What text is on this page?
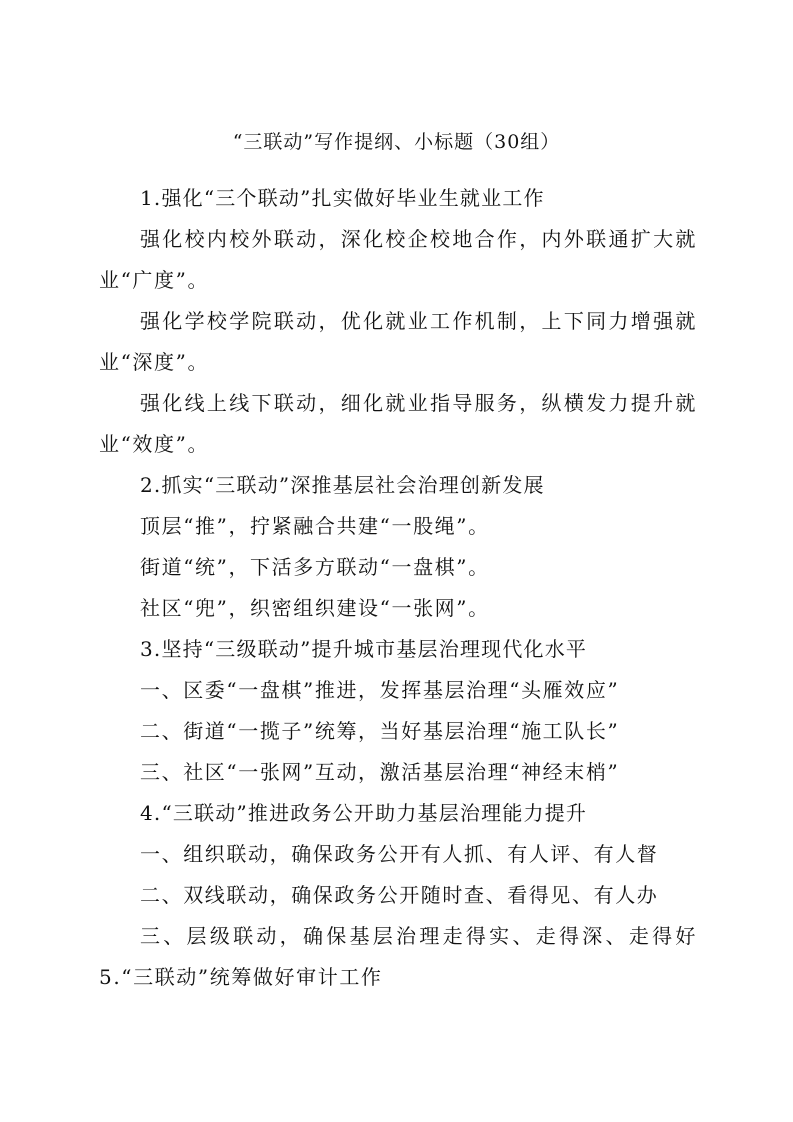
“三联动”写作提纲、小标题（30组）

1.强化“三个联动”扎实做好毕业生就业工作

强化校内校外联动，深化校企校地合作，内外联通扩大就业“广度”。

强化学校学院联动，优化就业工作机制，上下同力增强就业“深度”。

强化线上线下联动，细化就业指导服务，纵横发力提升就业“效度”。

2.抓实“三联动”深推基层社会治理创新发展

顶层“推”，拧紧融合共建“一股绳”。

街道“统”，下活多方联动“一盘棋”。

社区“兜”，织密组织建设“一张网”。

3.坚持“三级联动”提升城市基层治理现代化水平

一、区委“一盘棋”推进，发挥基层治理“头雁效应”

二、街道“一揽子”统筹，当好基层治理“施工队长”

三、社区“一张网”互动，激活基层治理“神经末梢”

4.“三联动”推进政务公开助力基层治理能力提升

一、组织联动，确保政务公开有人抓、有人评、有人督

二、双线联动，确保政务公开随时查、看得见、有人办

三、层级联动，确保基层治理走得实、走得深、走得好 5.“三联动”统筹做好审计工作
